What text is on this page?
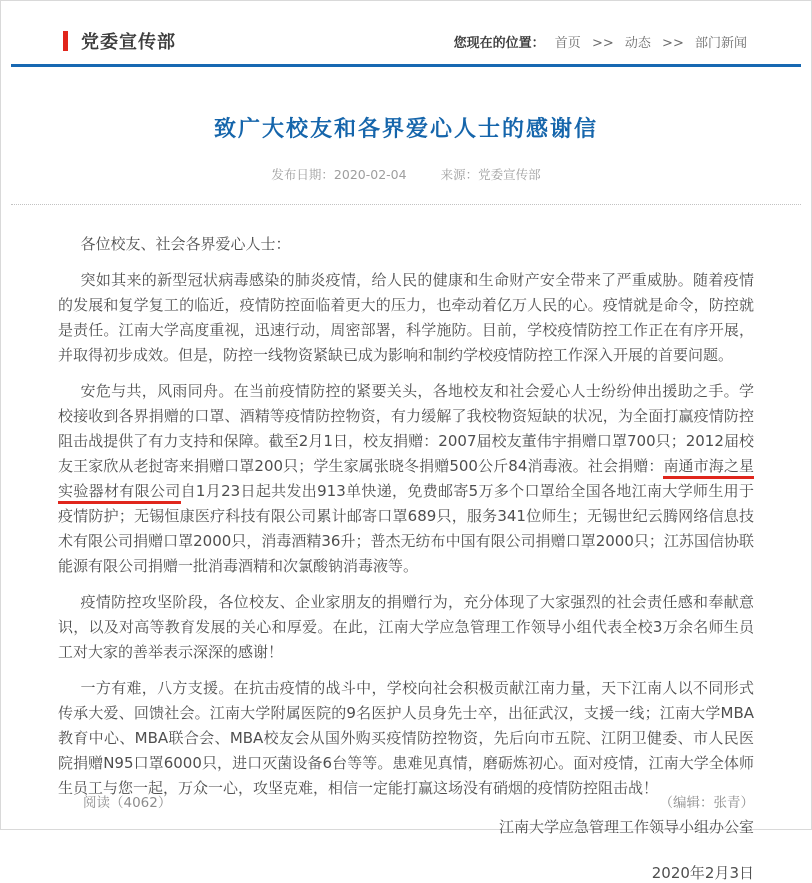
党委宣传部	您现在的位置： 首页 >> 动态 >> 部门新闻
致广大校友和各界爱心人士的感谢信
发布日期：2020-02-04	来源：党委宣传部

各位校友、社会各界爱心人士：

突如其来的新型冠状病毒感染的肺炎疫情，给人民的健康和生命财产安全带来了严重威胁。随着疫情的发展和复学复工的临近，疫情防控面临着更大的压力，也牵动着亿万人民的心。疫情就是命令，防控就是责任。江南大学高度重视，迅速行动，周密部署，科学施防。目前，学校疫情防控工作正在有序开展，并取得初步成效。但是，防控一线物资紧缺已成为影响和制约学校疫情防控工作深入开展的首要问题。

安危与共，风雨同舟。在当前疫情防控的紧要关头，各地校友和社会爱心人士纷纷伸出援助之手。学校接收到各界捐赠的口罩、酒精等疫情防控物资，有力缓解了我校物资短缺的状况，为全面打赢疫情防控阻击战提供了有力支持和保障。截至2月1日，校友捐赠：2007届校友董伟宇捐赠口罩700只；2012届校友王家欣从老挝寄来捐赠口罩200只；学生家属张晓冬捐赠500公斤84消毒液。社会捐赠：南通市海之星实验器材有限公司自1月23日起共发出913单快递，免费邮寄5万多个口罩给全国各地江南大学师生用于疫情防护；无锡恒康医疗科技有限公司累计邮寄口罩689只，服务341位师生；无锡世纪云腾网络信息技术有限公司捐赠口罩2000只，消毒酒精36升；普杰无纺布中国有限公司捐赠口罩2000只；江苏国信协联能源有限公司捐赠一批消毒酒精和次氯酸钠消毒液等。

疫情防控攻坚阶段，各位校友、企业家朋友的捐赠行为，充分体现了大家强烈的社会责任感和奉献意识，以及对高等教育发展的关心和厚爱。在此，江南大学应急管理工作领导小组代表全校3万余名师生员工对大家的善举表示深深的感谢！

一方有难，八方支援。在抗击疫情的战斗中，学校向社会积极贡献江南力量，天下江南人以不同形式传承大爱、回馈社会。江南大学附属医院的9名医护人员身先士卒，出征武汉，支援一线；江南大学MBA教育中心、MBA联合会、MBA校友会从国外购买疫情防控物资，先后向市五院、江阴卫健委、市人民医院捐赠N95口罩6000只，进口灭菌设备6台等等。患难见真情，磨砺炼初心。面对疫情，江南大学全体师生员工与您一起，万众一心，攻坚克难，相信一定能打赢这场没有硝烟的疫情防控阻击战！

江南大学应急管理工作领导小组办公室
2020年2月3日
阅读（4062）	（编辑：张青）
